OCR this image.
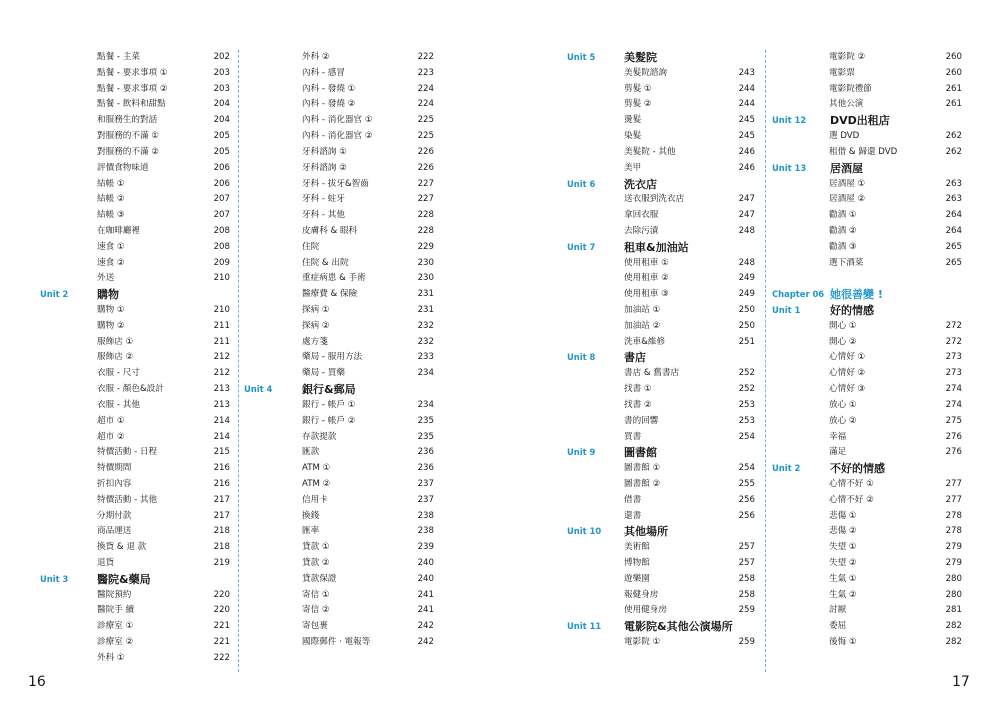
點餐 - 主菜	202
點餐 - 要求事項 ①	203
點餐 - 要求事項 ②	203
點餐 - 飲料和甜點	204
和服務生的對話	204
對服務的不滿 ①	205
對服務的不滿 ②	205
評價食物味道	206
結帳 ①	206
結帳 ②	207
結帳 ③	207
在咖啡廳裡	208
速食 ①	208
速食 ②	209
外送	210
Unit 2	購物
購物 ①	210
購物 ②	211
服飾店 ①	211
服飾店 ②	212
衣服 - 尺寸	212
衣服 - 顏色&設計	213
衣服 - 其他	213
超市 ①	214
超市 ②	214
特價活動 - 日程	215
特價期間	216
折扣內容	216
特價活動 - 其他	217
分期付款	217
商品運送	218
換貨 & 退 款	218
退貨	219
Unit 3	醫院&藥局
醫院預約	220
醫院手 續	220
診療室 ①	221
診療室 ②	221
外科 ①	222
外科 ②	222
內科 - 感冒	223
內科 - 發燒 ①	224
內科 - 發燒 ②	224
內科 - 消化器官 ①	225
內科 - 消化器官 ②	225
牙科諮詢 ①	226
牙科諮詢 ②	226
牙科 - 拔牙&智齒	227
牙科 - 蛀牙	227
牙科 - 其他	228
皮膚科 & 眼科	228
住院	229
住院 & 出院	230
重症病患 & 手術	230
醫療費 & 保險	231
探病 ①	231
探病 ②	232
處方箋	232
藥局 - 服用方法	233
藥局 - 買藥	234
Unit 4	銀行&郵局
銀行 - 帳戶 ①	234
銀行 - 帳戶 ②	235
存款提款	235
匯款	236
ATM ①	236
ATM ②	237
信用卡	237
換錢	238
匯率	238
貸款 ①	239
貸款 ②	240
貸款保證	240
寄信 ①	241
寄信 ②	241
寄包裹	242
國際郵件 · 電報等	242
Unit 5	美髮院
美髮院諮詢	243
剪髮 ①	244
剪髮 ②	244
燙髮	245
染髮	245
美髮院 - 其他	246
美甲	246
Unit 6	洗衣店
送衣服到洗衣店	247
拿回衣服	247
去除污漬	248
Unit 7	租車&加油站
使用租車 ①	248
使用租車 ②	249
使用租車 ③	249
加油站 ①	250
加油站 ②	250
洗車&維修	251
Unit 8	書店
書店 & 舊書店	252
找書 ①	252
找書 ②	253
書的回響	253
買書	254
Unit 9	圖書館
圖書館 ①	254
圖書館 ②	255
借書	256
還書	256
Unit 10 其他場所
美術館	257
博物館	257
遊樂園	258
報健身房	258
使用健身房	259
Unit 11 電影院&其他公演場所
電影院 ①	259
電影院 ②	260
電影票	260
電影院禮節	261
其他公演	261
Unit 12 DVD出租店
選 DVD	262
租借 & 歸還 DVD	262
Unit 13 居酒屋
居酒屋 ①	263
居酒屋 ②	263
勸酒 ①	264
勸酒 ②	264
勸酒 ③	265
選下酒菜	265
Chapter 06 她很善變 !
Unit 1	好的情感
開心 ①	272
開心 ②	272
心情好 ①	273
心情好 ②	273
心情好 ③	274
放心 ①	274
放心 ②	275
幸福	276
滿足	276
Unit 2	不好的情感
心情不好 ①	277
心情不好 ②	277
悲傷 ①	278
悲傷 ②	278
失望 ①	279
失望 ②	279
生氣 ①	280
生氣 ②	280
討厭	281
委屈	282
後悔 ①	282
16	17
